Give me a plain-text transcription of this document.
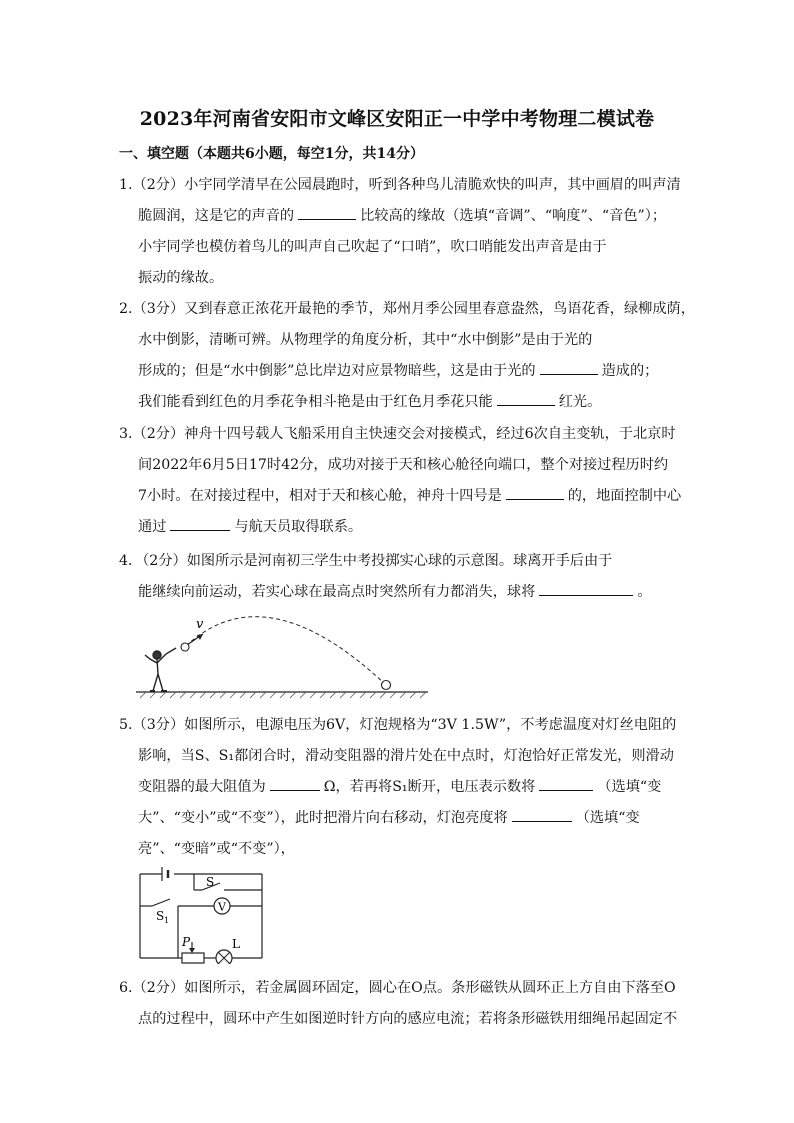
2023年河南省安阳市文峰区安阳正一中学中考物理二模试卷
一、填空题（本题共6小题，每空1分，共14分）
1.（2分）小宇同学清早在公园晨跑时，听到各种鸟儿清脆欢快的叫声，其中画眉的叫声清
脆圆润，这是它的声音的	比较高的缘故（选填“音调”、“响度”、“音色”）；
小宇同学也模仿着鸟儿的叫声自己吹起了“口哨”，吹口哨能发出声音是由于
振动的缘故。
2.（3分）又到春意正浓花开最艳的季节，郑州月季公园里春意盎然，鸟语花香，绿柳成荫，
水中倒影，清晰可辨。从物理学的角度分析，其中“水中倒影”是由于光的
形成的；但是“水中倒影”总比岸边对应景物暗些，这是由于光的	造成的；
我们能看到红色的月季花争相斗艳是由于红色月季花只能	红光。
3.（2分）神舟十四号载人飞船采用自主快速交会对接模式，经过6次自主变轨，于北京时
间2022年6月5日17时42分，成功对接于天和核心舱径向端口，整个对接过程历时约
7小时。在对接过程中，相对于天和核心舱，神舟十四号是	的，地面控制中心
通过	与航天员取得联系。
4．（2分）如图所示是河南初三学生中考投掷实心球的示意图。球离开手后由于
能继续向前运动，若实心球在最高点时突然所有力都消失，球将	。
v
5.（3分）如图所示，电源电压为6V，灯泡规格为“3V 1.5W”，不考虑温度对灯丝电阻的
影响，当S、S₁都闭合时，滑动变阻器的滑片处在中点时，灯泡恰好正常发光，则滑动
变阻器的最大阻值为	Ω，若再将S₁断开，电压表示数将	（选填“变
大”、“变小”或“不变”），此时把滑片向右移动，灯泡亮度将	（选填“变
亮”、“变暗”或“不变”），
V
S
S 1
P	L
6.（2分）如图所示，若金属圆环固定，圆心在O点。条形磁铁从圆环正上方自由下落至O
点的过程中，圆环中产生如图逆时针方向的感应电流；若将条形磁铁用细绳吊起固定不
